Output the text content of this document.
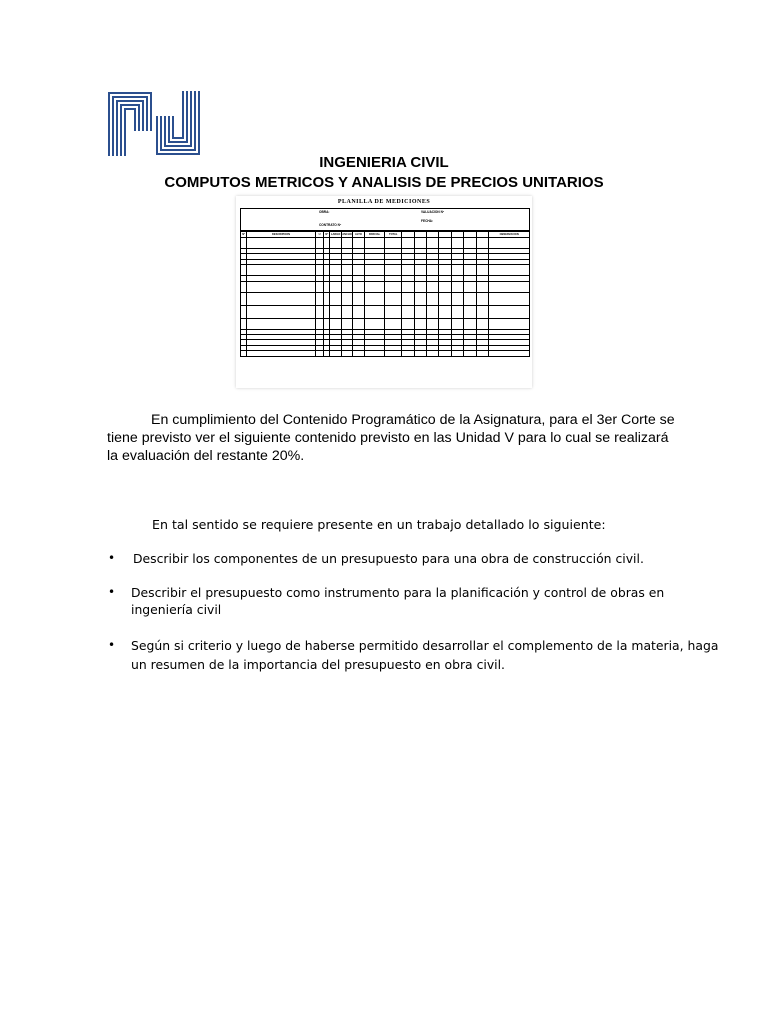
INGENIERIA CIVIL
COMPUTOS METRICOS Y ANALISIS DE PRECIOS UNITARIOS
PLANILLA DE MEDICIONES
OBRA:
CONTRATO Nº
VALUACION Nº
FECHA:
Nº	DESCRIPCION	U	Nº	LARGO	ANCHO	ALTO	PARCIAL	TOTAL								OBSERVACION

En cumplimiento del Contenido Programático de la Asignatura, para el 3er Corte se
tiene previsto ver el siguiente contenido previsto en las Unidad V para lo cual se realizará
la evaluación del restante 20%.
En tal sentido se requiere presente en un trabajo detallado lo siguiente:
• Describir los componentes de un presupuesto para una obra de construcción civil.
• Describir el presupuesto como instrumento para la planificación y control de obras en
ingeniería civil
• Según si criterio y luego de haberse permitido desarrollar el complemento de la materia, haga
un resumen de la importancia del presupuesto en obra civil.
